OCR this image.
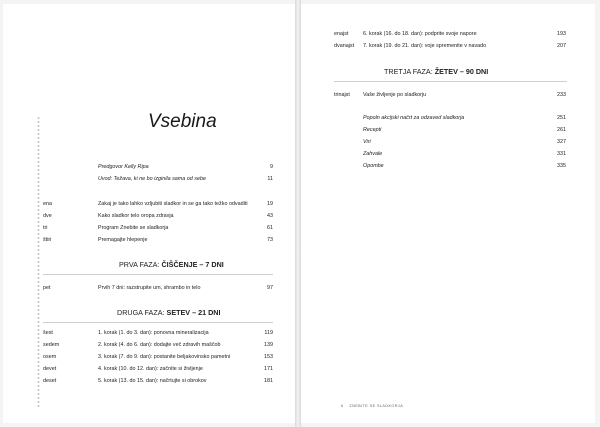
Vsebina
Predgovor Kelly Ripa	9
Uvod: Težava, ki ne bo izginila sama od sebe	11
ena	Zakaj je tako lahko vzljubiti sladkor in se ga tako težko odvaditi	19
dve	Kako sladkor telo oropa zdravja	43
tri	Program Znebite se sladkorja	61
štiri	Premagajte hlepenje	73
PRVA FAZA: ČIŠČENJE – 7 DNI
pet	Prvih 7 dni: razstrupite um, shrambo in telo	97
DRUGA FAZA: SETEV – 21 DNI
šest	1. korak (1. do 3. dan): ponovna mineralizacija	119
sedem	2. korak (4. do 6. dan): dodajte več zdravih maščob	139
osem	3. korak (7. do 9. dan): postanite beljakovinsko pametni	153
devet	4. korak (10. do 12. dan): začnite si življenje	171
deset	5. korak (13. do 15. dan): načrtujte si obrokov	181
enajst	6. korak (16. do 18. dan): podprite svoje napore	193
dvanajst 7. korak (19. do 21. dan): voje spremenite v navado	207
TRETJA FAZA: ŽETEV – 90 DNI
trinajst Vaše življenje po sladkorju	233
Popoln akcijski načrt za odzaved sladkorja	251
Recepti	261
Viri	327
Zahvale	331
Opombe	335
6 ZNEBITE SE SLADKORJA
